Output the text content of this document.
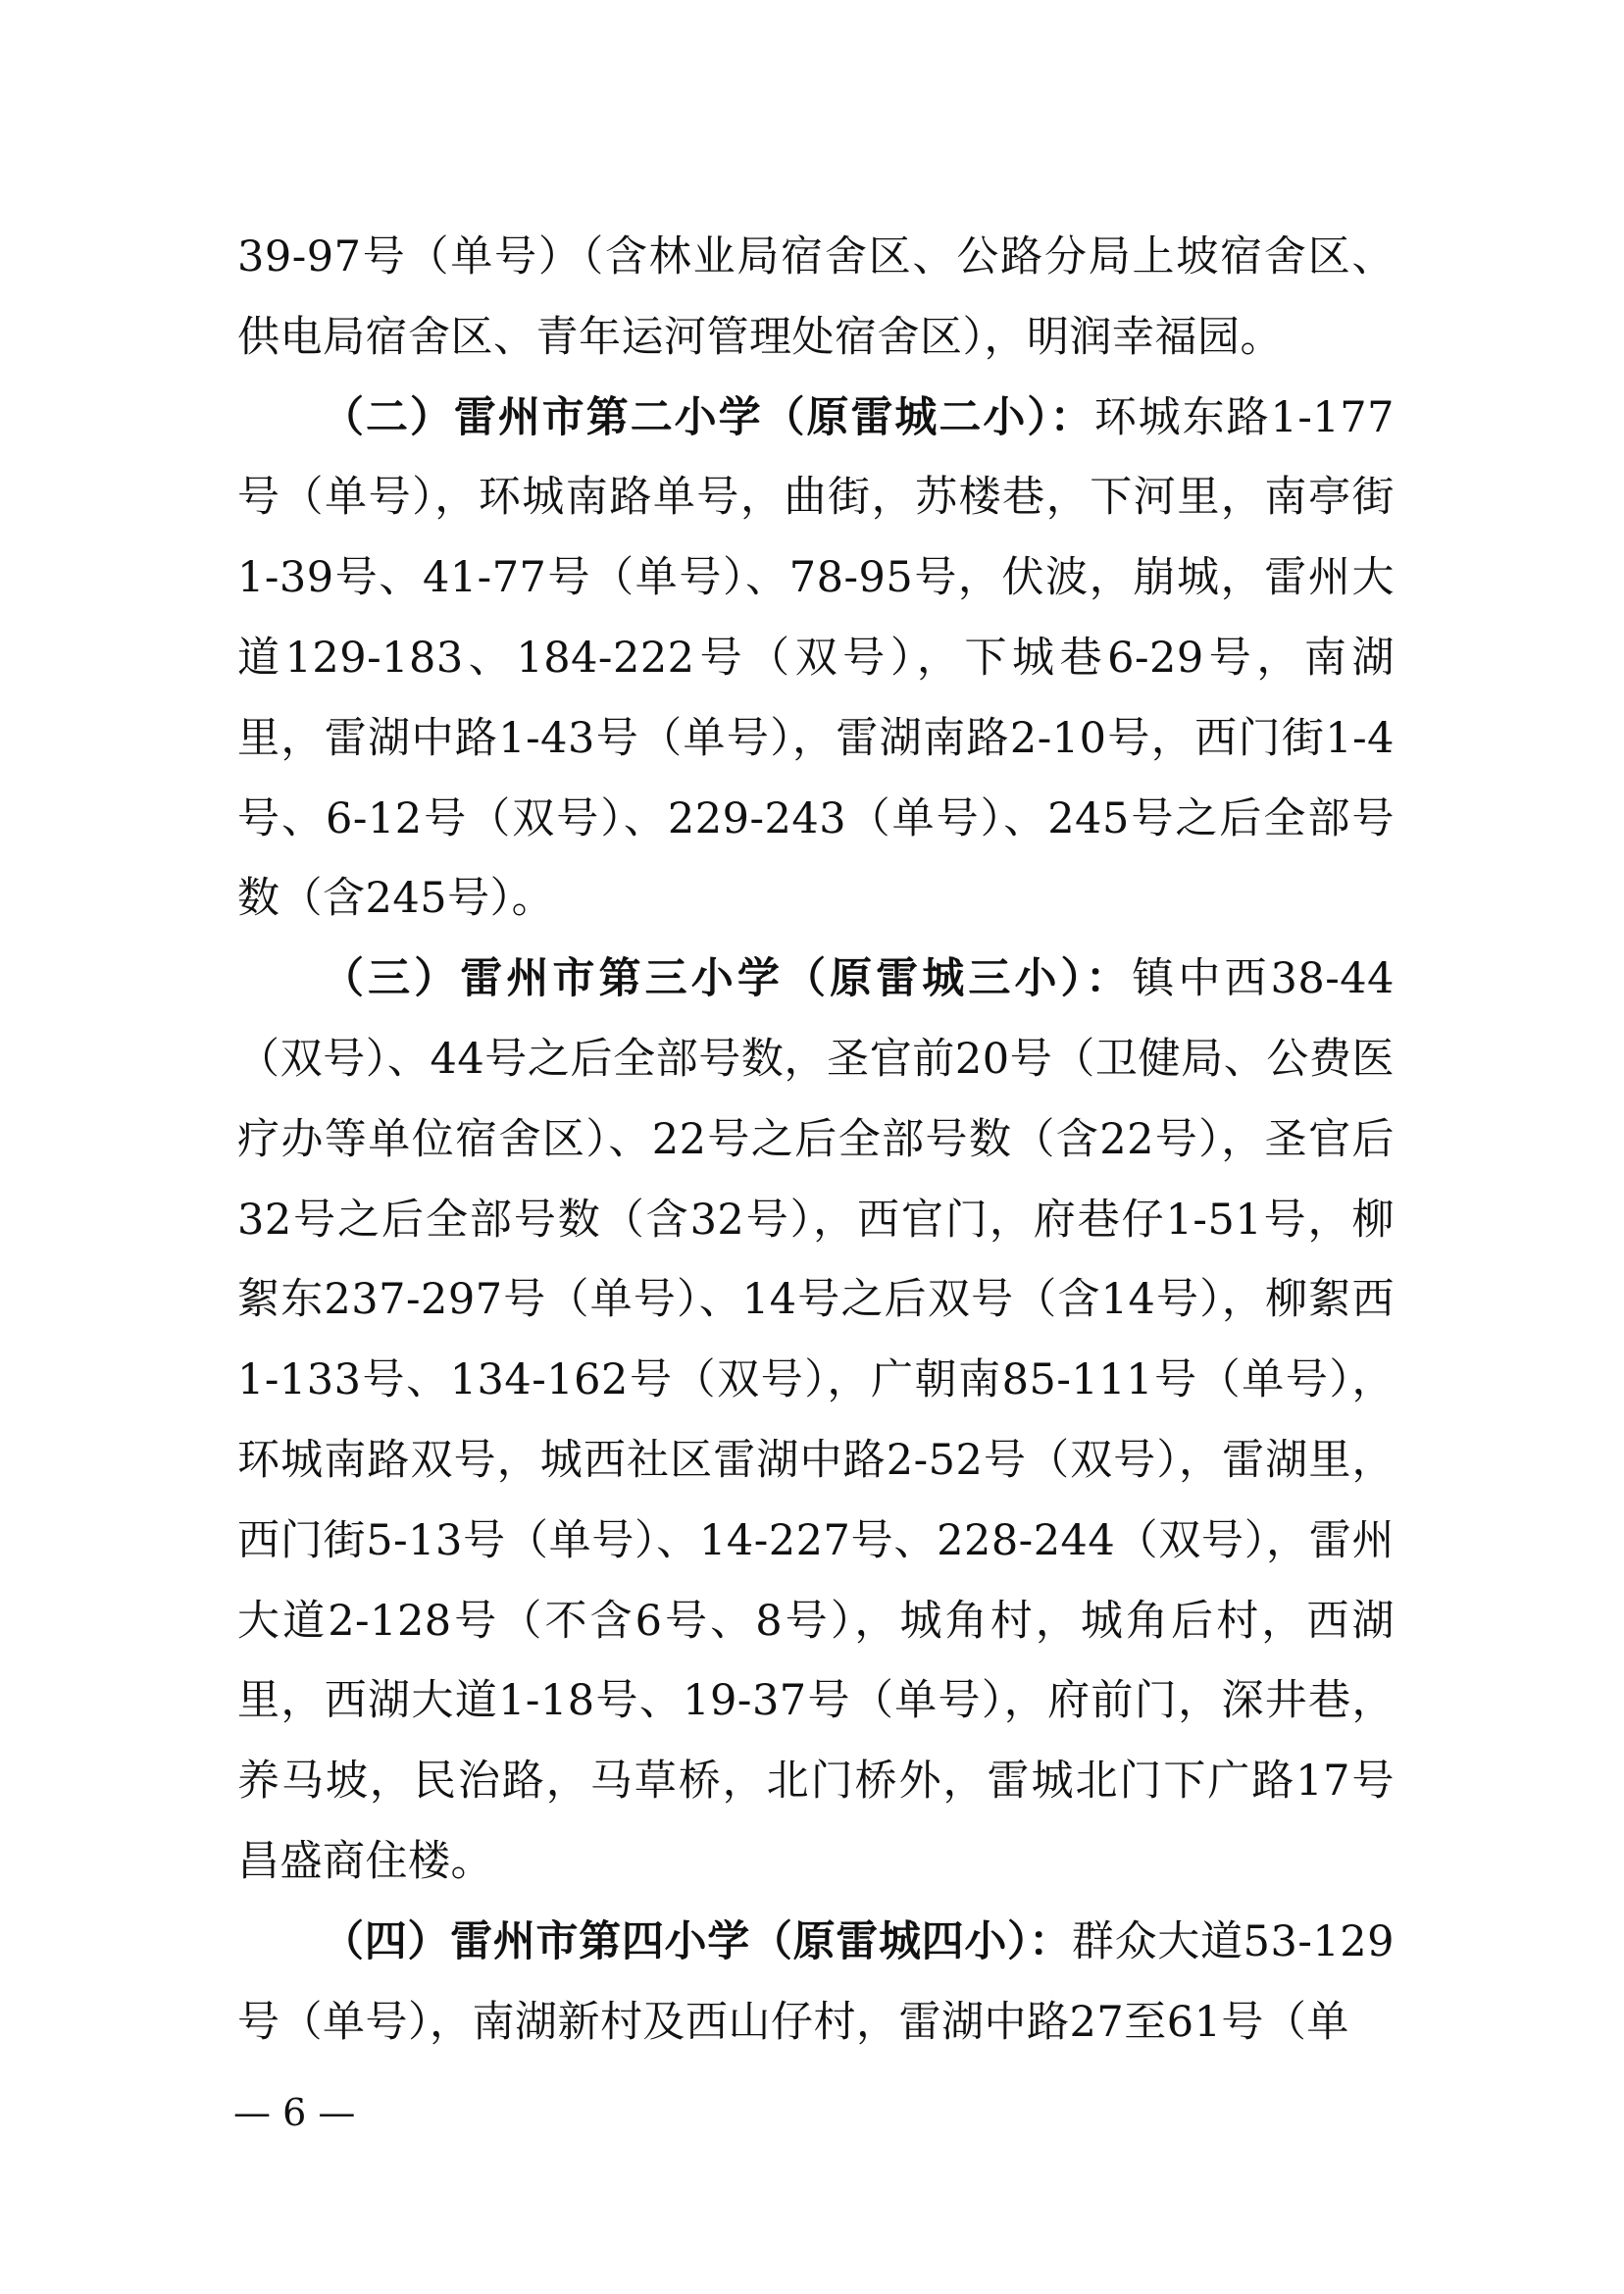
39-97号（单号）（含林业局宿舍区、公路分局上坡宿舍区、供电局宿舍区、青年运河管理处宿舍区），明润幸福园。

（二）雷州市第二小学（原雷城二小）：环城东路1-177号（单号），环城南路单号，曲街，苏楼巷，下河里，南亭街1-39号、41-77号（单号）、78-95号，伏波，崩城，雷州大道129-183、184-222号（双号），下城巷6-29号，南湖里，雷湖中路1-43号（单号），雷湖南路2-10号，西门街1-4号、6-12号（双号）、229-243（单号）、245号之后全部号数（含245号）。

（三）雷州市第三小学（原雷城三小）：镇中西38-44（双号）、44号之后全部号数，圣官前20号（卫健局、公费医疗办等单位宿舍区）、22号之后全部号数（含22号），圣官后32号之后全部号数（含32号），西官门，府巷仔1-51号，柳絮东237-297号（单号）、14号之后双号（含14号），柳絮西1-133号、134-162号（双号），广朝南85-111号（单号），环城南路双号，城西社区雷湖中路2-52号（双号），雷湖里，西门街5-13号（单号）、14-227号、228-244（双号），雷州大道2-128号（不含6号、8号），城角村，城角后村，西湖里，西湖大道1-18号、19-37号（单号），府前门，深井巷，养马坡，民治路，马草桥，北门桥外，雷城北门下广路17号昌盛商住楼。

（四）雷州市第四小学（原雷城四小）：群众大道53-129号（单号），南湖新村及西山仔村，雷湖中路27至61号（单

— 6 —
